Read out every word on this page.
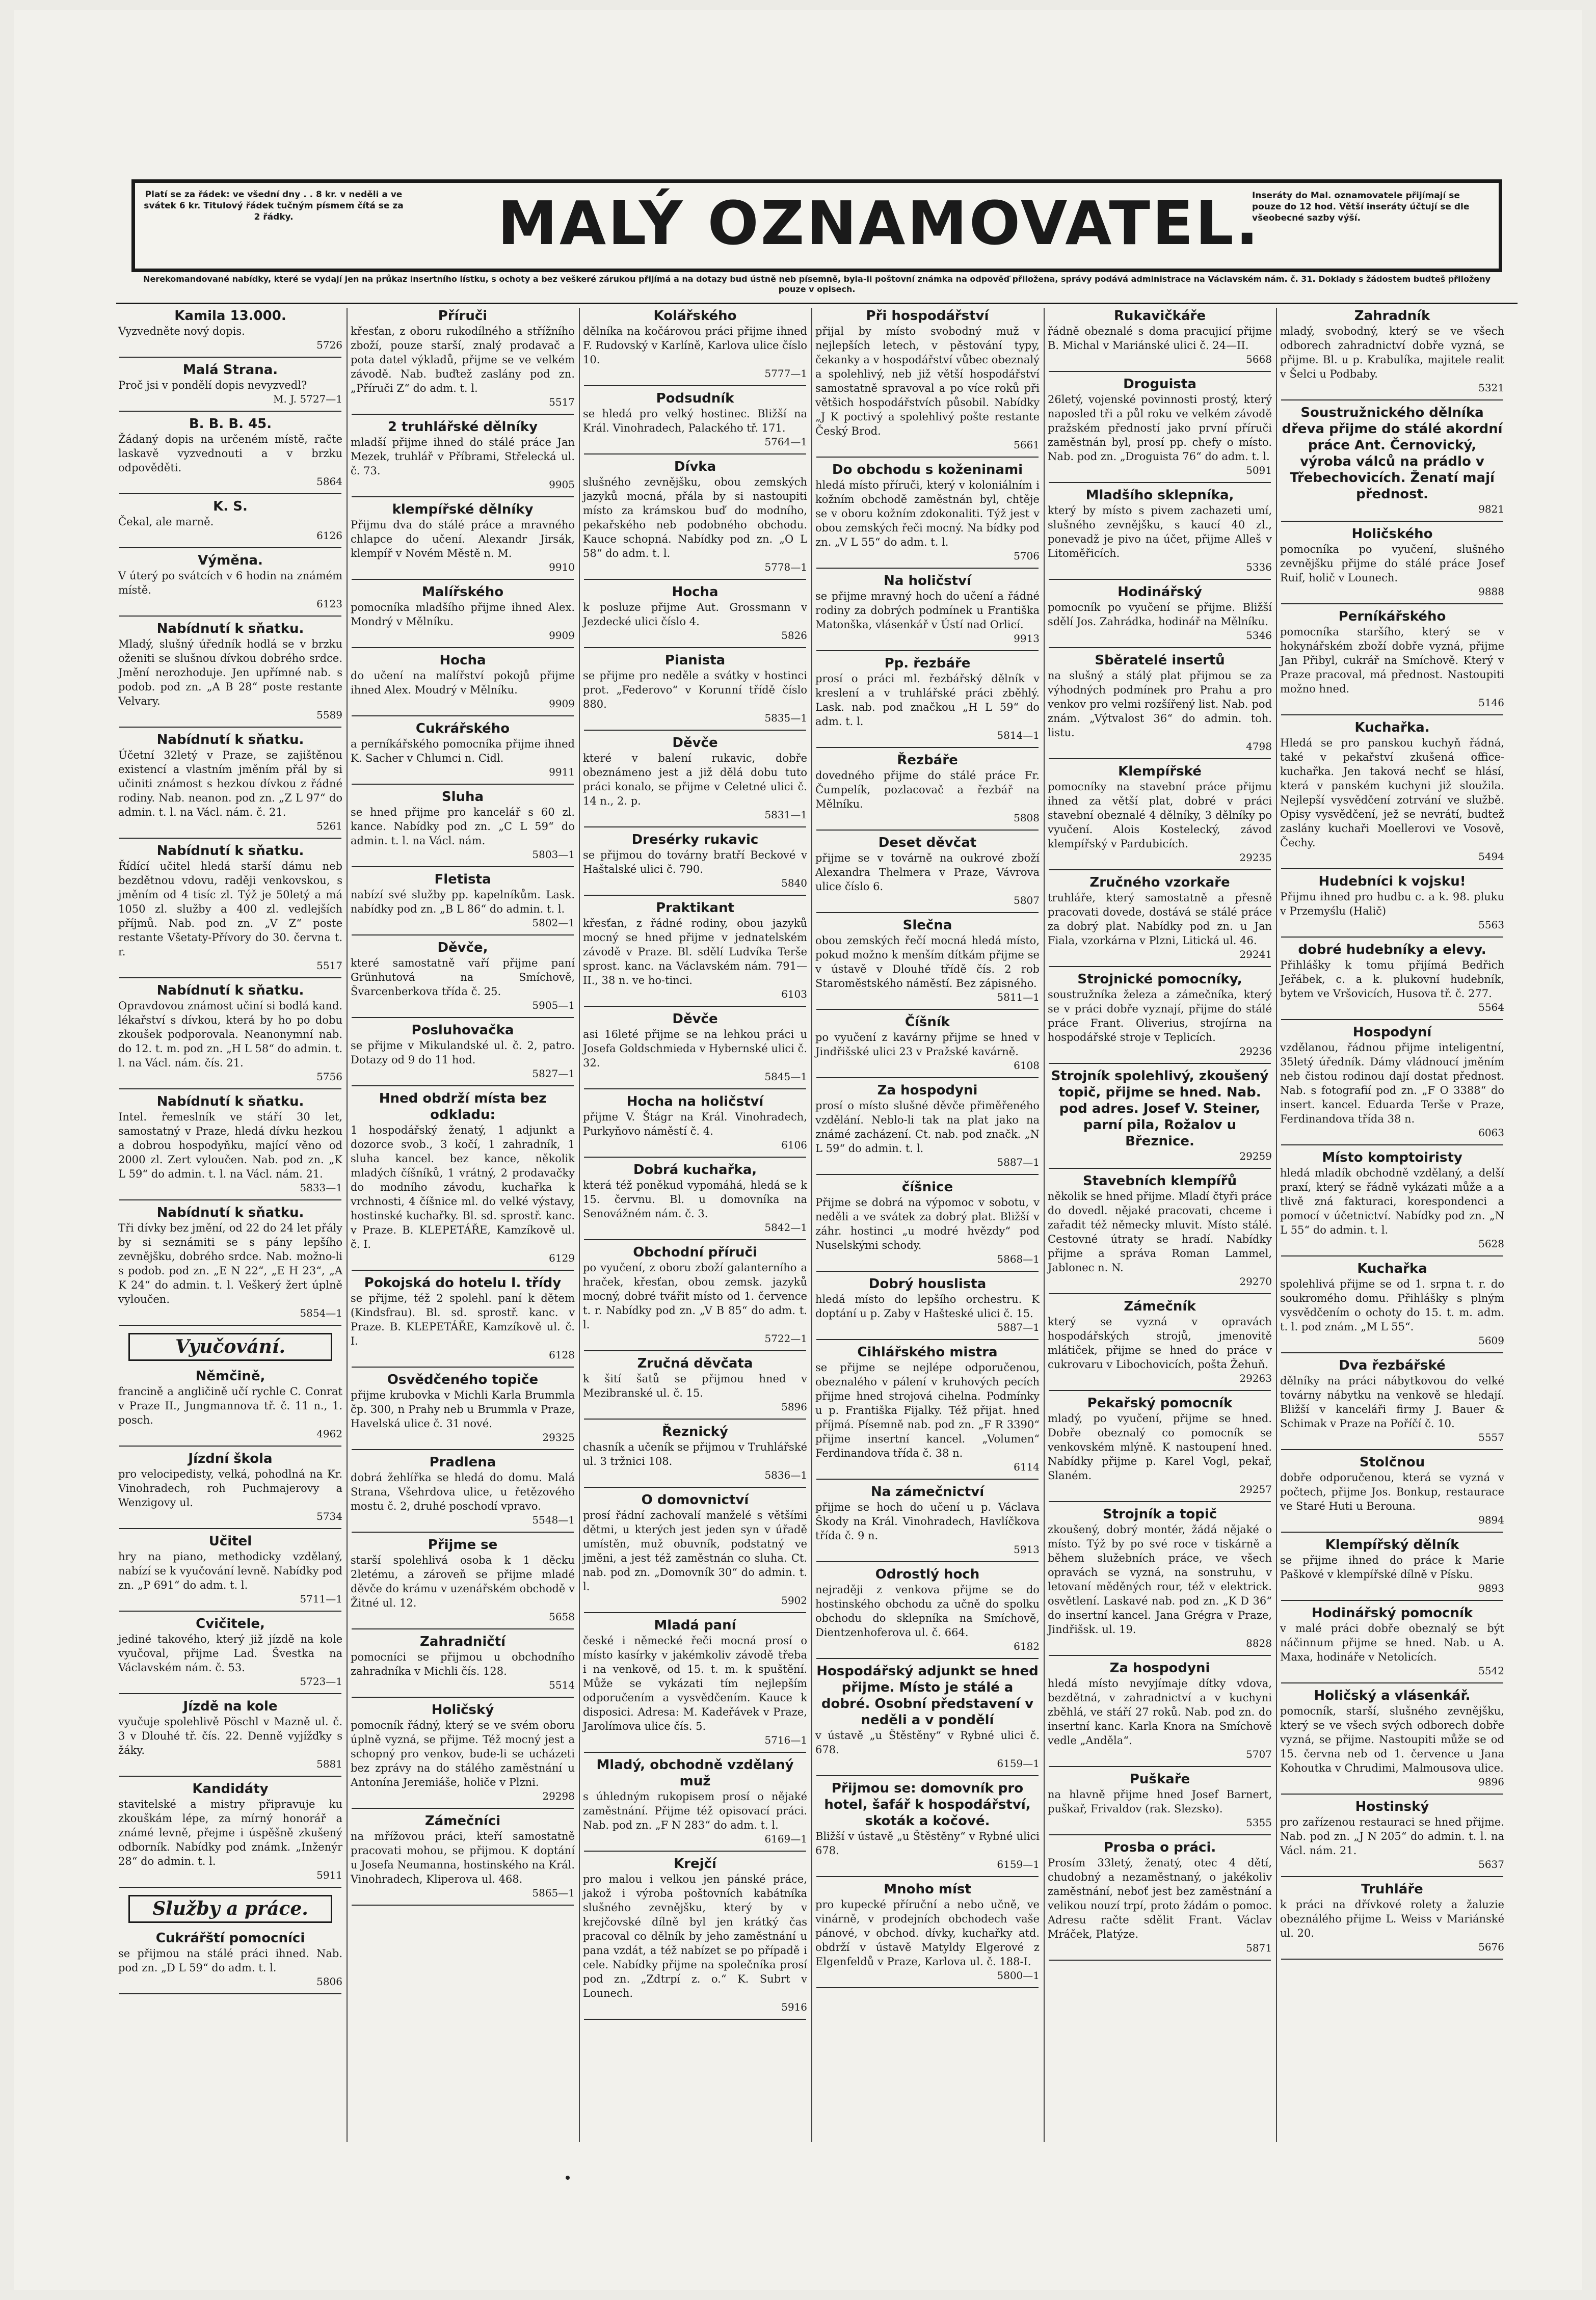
Platí se za řádek: ve všední dny . . 8 kr. v neděli a ve svátek 6 kr. Titulový řádek tučným písmem čítá se za 2 řádky.	MALÝ OZNAMOVATEL.
Inseráty do Mal. oznamovatele přijímají se pouze do 12 hod. Větší inseráty účtují se dle všeobecné sazby výší.
Nerekomandované nabídky, které se vydají jen na průkaz insertního lístku, s ochoty a bez veškeré zárukou přijímá a na dotazy bud ústně neb písemně, byla-li poštovní známka na odpověď přiložena, správy podává administrace na Václavském nám. č. 31. Doklady s žádostem budteš přiloženy pouze v opisech.
Kamila 13.000.
Vyzvedněte nový dopis.
5726
Malá Strana.
Proč jsi v pondělí dopis nevyzvedl?
M. J. 5727—1
B. B. B. 45.
Žádaný dopis na určeném místě, račte laskavě vyzvednouti a v brzku odpověděti.
5864
K. S.
Čekal, ale marně.
6126
Výměna.
V úterý po svátcích v 6 hodin na známém místě.
6123
Nabídnutí k sňatku.
Mladý, slušný úředník hodlá se v brzku oženiti se slušnou dívkou dobrého srdce. Jmění nerozhoduje. Jen upřímné nab. s podob. pod zn. „A B 28“ poste restante Velvary.
5589
Nabídnutí k sňatku.
Účetní 32letý v Praze, se zajištěnou existencí a vlastním jměním přál by si učiniti známost s hezkou dívkou z řádné rodiny. Nab. neanon. pod zn. „Z L 97“ do admin. t. l. na Václ. nám. č. 21.
5261
Nabídnutí k sňatku.
Řídící učitel hledá starší dámu neb bezdětnou vdovu, raději venkovskou, s jměním od 4 tisíc zl. Týž je 50letý a má 1050 zl. služby a 400 zl. vedlejších příjmů. Nab. pod zn. „V Z“ poste restante Všetaty-Přívory do 30. června t. r.
5517
Nabídnutí k sňatku.
Opravdovou známost učiní si bodlá kand. lékařství s dívkou, která by ho po dobu zkoušek podporovala. Neanonymní nab. do 12. t. m. pod zn. „H L 58“ do admin. t. l. na Václ. nám. čís. 21.
5756
Nabídnutí k sňatku.
Intel. řemeslník ve stáří 30 let, samostatný v Praze, hledá dívku hezkou a dobrou hospodyňku, mající věno od 2000 zl. Zert vyloučen. Nab. pod zn. „K L 59“ do admin. t. l. na Václ. nám. 21.
5833—1
Nabídnutí k sňatku.
Tři dívky bez jmění, od 22 do 24 let přály by si seznámiti se s pány lepšího zevnějšku, dobrého srdce. Nab. možno-li s podob. pod zn. „E N 22“, „E H 23“, „A K 24“ do admin. t. l. Veškerý žert úplně vyloučen.
5854—1
Vyučování.
Němčině,
francině a angličině učí rychle C. Conrat v Praze II., Jungmannova tř. č. 11 n., 1. posch.
4962
Jízdní škola
pro velocipedisty, velká, pohodlná na Kr. Vinohradech, roh Puchmajerovy a Wenzigovy ul.
5734
Učitel
hry na piano, methodicky vzdělaný, nabízí se k vyučování levně. Nabídky pod zn. „P 691“ do adm. t. l.
5711—1
Cvičitele,
jediné takového, který již jízdě na kole vyučoval, přijme Lad. Švestka na Václavském nám. č. 53.
5723—1
Jízdě na kole
vyučuje spolehlivě Pöschl v Mazně ul. č. 3 v Dlouhé tř. čís. 22. Denně vyjížďky s žáky.
5881
Kandidáty
stavitelské a mistry připravuje ku zkouškám lépe, za mírný honorář a známé levně, přejme i úspěšně zkušený odborník. Nabídky pod známk. „Inženýr 28“ do admin. t. l.
5911
Služby a práce.
Cukrářští pomocníci
se přijmou na stálé práci ihned. Nab. pod zn. „D L 59“ do adm. t. l.
5806
Příruči
křesťan, z oboru rukodílného a střížního zboží, pouze starší, znalý prodavač a pota datel výkladů, přijme se ve velkém závodě. Nab. buďtež zaslány pod zn. „Příruči Z“ do adm. t. l.
5517
2 truhlářské dělníky
mladší přijme ihned do stálé práce Jan Mezek, truhlář v Příbrami, Střelecká ul. č. 73.
9905
klempířské dělníky
Přijmu dva do stálé práce a mravného chlapce do učení. Alexandr Jirsák, klempíř v Novém Městě n. M.
9910
Malířského
pomocníka mladšího přijme ihned Alex. Mondrý v Mělníku.
9909
Hocha
do učení na malířství pokojů přijme ihned Alex. Moudrý v Mělníku.
9909
Cukrářského
a perníkářského pomocníka přijme ihned K. Sacher v Chlumci n. Cidl.
9911
Sluha
se hned přijme pro kancelář s 60 zl. kance. Nabídky pod zn. „C L 59“ do admin. t. l. na Václ. nám.
5803—1
Fletista
nabízí své služby pp. kapelníkům. Lask. nabídky pod zn. „B L 86“ do admin. t. l.
5802—1
Děvče,
které samostatně vaří přijme paní Grünhutová na Smíchově, Švarcenberkova třída č. 25.
5905—1
Posluhovačka
se přijme v Mikulandské ul. č. 2, patro. Dotazy od 9 do 11 hod.
5827—1
Hned obdrží místa bez odkladu:
1 hospodářský ženatý, 1 adjunkt a dozorce svob., 3 kočí, 1 zahradník, 1 sluha kancel. bez kance, několik mladých číšníků, 1 vrátný, 2 prodavačky do modního závodu, kuchařka k vrchnosti, 4 číšnice ml. do velké výstavy, hostinské kuchařky. Bl. sd. sprostř. kanc. v Praze. B. KLEPETÁŘE, Kamzíkově ul. č. I.
6129
Pokojská do hotelu I. třídy
se přijme, též 2 spolehl. paní k dětem (Kindsfrau). Bl. sd. sprostř. kanc. v Praze. B. KLEPETÁŘE, Kamzíkově ul. č. I.
6128
Osvědčeného topiče
přijme krubovka v Michli Karla Brummla čp. 300, n Prahy neb u Brummla v Praze, Havelská ulice č. 31 nové.
29325
Pradlena
dobrá žehlířka se hledá do domu. Malá Strana, Všehrdova ulice, u řetězového mostu č. 2, druhé poschodí vpravo.
5548—1
Přijme se
starší spolehlivá osoba k 1 děcku 2letému, a zároveň se přijme mladé děvče do krámu v uzenářském obchodě v Žitné ul. 12.
5658
Zahradničtí
pomocníci se přijmou u obchodního zahradníka v Michli čís. 128.
5514
Holičský
pomocník řádný, který se ve svém oboru úplně vyzná, se přijme. Též mocný jest a schopný pro venkov, bude-li se ucházeti bez zprávy na do stálého zaměstnání u Antonína Jeremiáše, holiče v Plzni.
29298
Zámečníci
na mřížovou práci, kteří samostatně pracovati mohou, se přijmou. K doptání u Josefa Neumanna, hostinského na Král. Vinohradech, Kliperova ul. 468.
5865—1
Kolářského
dělníka na kočárovou práci přijme ihned F. Rudovský v Karlíně, Karlova ulice číslo 10.
5777—1
Podsudník
se hledá pro velký hostinec. Bližší na Král. Vinohradech, Palackého tř. 171.
5764—1
Dívka
slušného zevnějšku, obou zemských jazyků mocná, přála by si nastoupiti místo za krámskou buď do modního, pekařského neb podobného obchodu. Kauce schopná. Nabídky pod zn. „O L 58“ do adm. t. l.
5778—1
Hocha
k posluze přijme Aut. Grossmann v Jezdecké ulici číslo 4.
5826
Pianista
se přijme pro neděle a svátky v hostinci prot. „Federovo“ v Korunní třídě číslo 880.
5835—1
Děvče
které v balení rukavic, dobře obeznámeno jest a již dělá dobu tuto práci konalo, se přijme v Celetné ulici č. 14 n., 2. p.
5831—1
Dresérky rukavic
se přijmou do továrny bratří Beckové v Haštalské ulici č. 790.
5840
Praktikant
křesťan, z řádné rodiny, obou jazyků mocný se hned přijme v jednatelském závodě v Praze. Bl. sdělí Ludvíka Terše sprost. kanc. na Václavském nám. 791—II., 38 n. ve ho-tinci.
6103
Děvče
asi 16leté přijme se na lehkou práci u Josefa Goldschmieda v Hybernské ulici č. 32.
5845—1
Hocha na holičství
přijme V. Štágr na Král. Vinohradech, Purkyňovo náměstí č. 4.
6106
Dobrá kuchařka,
která též poněkud vypomáhá, hledá se k 15. červnu. Bl. u domovníka na Senovážném nám. č. 3.
5842—1
Obchodní příruči
po vyučení, z oboru zboží galanterního a hraček, křesťan, obou zemsk. jazyků mocný, dobré tvářit místo od 1. července t. r. Nabídky pod zn. „V B 85“ do adm. t. l.
5722—1
Zručná děvčata
k šití šatů se přijmou hned v Mezibranské ul. č. 15.
5896
Řeznický
chasník a učeník se přijmou v Truhlářské ul. 3 tržnici 108.
5836—1
O domovnictví
prosí řádní zachovalí manželé s většími dětmi, u kterých jest jeden syn v úřadě umístěn, muž obuvník, podstatný ve jměni, a jest též zaměstnán co sluha. Ct. nab. pod zn. „Domovník 30“ do admin. t. l.
5902
Mladá paní
české i německé řeči mocná prosí o místo kasírky v jakémkoliv závodě třeba i na venkově, od 15. t. m. k spuštění. Může se vykázati tím nejlepším odporučením a vysvědčením. Kauce k disposici. Adresa: M. Kadeřávek v Praze, Jarolímova ulice čís. 5.
5716—1
Mladý, obchodně vzdělaný muž
s úhledným rukopisem prosí o nějaké zaměstnání. Přijme též opisovací práci. Nab. pod zn. „F N 283“ do adm. t. l.
6169—1
Krejčí
pro malou i velkou jen pánské práce, jakož i výroba poštovních kabátníka slušného zevnějšku, který by v krejčovské dílně byl jen krátký čas pracoval co dělník by jeho zaměstnání u pana vzdát, a též nabízet se po případě i cele. Nabídky přijme na společníka prosí pod zn. „Zdtrpí z. o.“ K. Subrt v Lounech.
5916
Při hospodářství
přijal by místo svobodný muž v nejlepších letech, v pěstování typy, čekanky a v hospodářství vůbec obeznalý a spolehlivý, neb již větší hospodářství samostatně spravoval a po více roků při většich hospodářstvích působil. Nabídky „J K poctivý a spolehlivý pošte restante Český Brod.
5661
Do obchodu s koženinami
hledá místo příruči, který v koloniálním i kožním obchodě zaměstnán byl, chtěje se v oboru kožním zdokonaliti. Týž jest v obou zemských řeči mocný. Na bídky pod zn. „V L 55“ do adm. t. l.
5706
Na holičství
se přijme mravný hoch do učení a řádné rodiny za dobrých podmínek u Františka Matonška, vlásenkář v Ústí nad Orlicí.
9913
Pp. řezbáře
prosí o práci ml. řezbářský dělník v kreslení a v truhlářské práci zběhlý. Lask. nab. pod značkou „H L 59“ do adm. t. l.
5814—1
Řezbáře
dovedného přijme do stálé práce Fr. Čumpelík, pozlacovač a řezbář na Mělníku.
5808
Deset děvčat
přijme se v továrně na oukrové zboží Alexandra Thelmera v Praze, Vávrova ulice číslo 6.
5807
Slečna
obou zemských řečí mocná hledá místo, pokud možno k menším dítkám přijme se v ústavě v Dlouhé třídě čís. 2 rob Staroměstského náměstí. Bez zápisného.
5811—1
Číšník
po vyučení z kavárny přijme se hned v Jindřišské ulici 23 v Pražské kavárně.
6108
Za hospodyni
prosí o místo slušné děvče přiměřeného vzdělání. Neblo-li tak na plat jako na známé zacházení. Ct. nab. pod značk. „N L 59“ do admin. t. l.
5887—1
číšnice
Přijme se dobrá na výpomoc v sobotu, v neděli a ve svátek za dobrý plat. Bližší v záhr. hostinci „u modré hvězdy“ pod Nuselskými schody.
5868—1
Dobrý houslista
hledá místo do lepšího orchestru. K doptání u p. Zaby v Hašteské ulici č. 15.
5887—1
Cihlářského mistra
se přijme se nejlépe odporučenou, obeznalého v pálení v kruhových pecích přijme hned strojová cihelna. Podmínky u p. Františka Fijalky. Též přijat. hned příjmá. Písemně nab. pod zn. „F R 3390“ přijme insertní kancel. „Volumen“ Ferdinandova třída č. 38 n.
6114
Na zámečnictví
přijme se hoch do učení u p. Václava Škody na Král. Vinohradech, Havlíčkova třída č. 9 n.
5913
Odrostlý hoch
nejraději z venkova přijme se do hostinského obchodu za učně do spolku obchodu do sklepníka na Smíchově, Dientzenhoferova ul. č. 664.
6182
Hospodářský adjunkt se hned přijme. Místo je stálé a dobré. Osobní představení v neděli a v pondělí
v ústavě „u Štěstěny“ v Rybné ulici č. 678.
6159—1
Přijmou se: domovník pro hotel, šafář k hospodářství, skoták a kočové.
Bližší v ústavě „u Štěstěny“ v Rybné ulici 678.
6159—1
Mnoho míst
pro kupecké příruční a nebo učně, ve vinárně, v prodejních obchodech vaše pánové, v obchod. dívky, kuchařky atd. obdrží v ústavě Matyldy Elgerové z Elgenfeldů v Praze, Karlova ul. č. 188-I.
5800—1
Rukavičkáře
řádně obeznalé s doma pracujicí přijme B. Michal v Mariánské ulici č. 24—II.
5668
Droguista
26letý, vojenské povinnosti prostý, který naposled tři a půl roku ve velkém závodě pražském předností jako první příruči zaměstnán byl, prosí pp. chefy o místo. Nab. pod zn. „Droguista 76“ do adm. t. l.
5091
Mladšího sklepníka,
který by místo s pivem zachazeti umí, slušného zevnějšku, s kaucí 40 zl., ponevadž je pivo na účet, přijme Alleš v Litoměřicích.
5336
Hodinářský
pomocník po vyučení se přijme. Bližší sdělí Jos. Zahrádka, hodinář na Mělníku.
5346
Sběratelé insertů
na slušný a stálý plat přijmou se za výhodných podmínek pro Prahu a pro venkov pro velmi rozšířený list. Nab. pod znám. „Výtvalost 36“ do admin. toh. listu.
4798
Klempířské
pomocníky na stavební práce přijmu ihned za větší plat, dobré v práci stavební obeznalé 4 dělníky, 3 dělníky po vyučení. Alois Kostelecký, závod klempířský v Pardubicích.
29235
Zručného vzorkaře
truhláře, který samostatně a přesně pracovati dovede, dostává se stálé práce za dobrý plat. Nabídky pod zn. u Jan Fiala, vzorkárna v Plzni, Litická ul. 46.
29241
Strojnické pomocníky,
soustružníka železa a zámečníka, který se v práci dobře vyznají, přijme do stálé práce Frant. Oliverius, strojírna na hospodářské stroje v Teplicích.
29236
Strojník spolehlivý, zkoušený topič, přijme se hned. Nab. pod adres. Josef V. Steiner, parní pila, Rožalov u Březnice.
29259
Stavebních klempířů
několik se hned přijme. Mladí čtyři práce do dovedl. nějaké pracovati, chceme i zařadit též německy mluvit. Místo stálé. Cestovné útraty se hradí. Nabídky přijme a správa Roman Lammel, Jablonec n. N.
29270
Zámečník
který se vyzná v opravách hospodářských strojů, jmenovitě mlátiček, přijme se hned do práce v cukrovaru v Libochovicích, pošta Žehuň.
29263
Pekařský pomocník
mladý, po vyučení, přijme se hned. Dobře obeznalý co pomocník se venkovském mlýně. K nastoupení hned. Nabídky přijme p. Karel Vogl, pekař, Slaném.
29257
Strojník a topič
zkoušený, dobrý montér, žádá nějaké o místo. Týž by po své roce v tiskárně a během služebních práce, ve všech opravách se vyzná, na sonstruhu, v letovaní měděných rour, též v elektrick. osvětlení. Laskavé nab. pod zn. „K D 36“ do insertní kancel. Jana Grégra v Praze, Jindřišsk. ul. 19.
8828
Za hospodyni
hledá místo nevyjímaje dítky vdova, bezdětná, v zahradnictví a v kuchyni zběhlá, ve stáří 27 roků. Nab. pod zn. do insertní kanc. Karla Knora na Smíchově vedle „Anděla“.
5707
Puškaře
na hlavně přijme hned Josef Barnert, puškař, Frivaldov (rak. Slezsko).
5355
Prosba o práci.
Prosím 33letý, ženatý, otec 4 dětí, chudobný a nezaměstnaný, o jakékoliv zaměstnání, neboť jest bez zaměstnání a velikou nouzí trpí, proto žádám o pomoc. Adresu račte sdělit Frant. Václav Mráček, Platýze.
5871
Zahradník
mladý, svobodný, který se ve všech odborech zahradnictví dobře vyzná, se přijme. Bl. u p. Krabulíka, majitele realit v Šelci u Podbaby.
5321
Soustružnického dělníka dřeva přijme do stálé akordní práce Ant. Černovický, výroba válců na prádlo v Třebechovicích. Ženatí mají přednost.
9821
Holičského
pomocníka po vyučení, slušného zevnějšku přijme do stálé práce Josef Ruif, holič v Lounech.
9888
Perníkářského
pomocníka staršího, který se v hokynářském zboží dobře vyzná, přijme Jan Přibyl, cukrář na Smíchově. Který v Praze pracoval, má přednost. Nastoupiti možno hned.
5146
Kuchařka.
Hledá se pro panskou kuchyň řádná, také v pekařství zkušená office-kuchařka. Jen taková nechť se hlásí, která v panském kuchyni již sloužila. Nejlepší vysvědčení zotrvání ve službě. Opisy vysvědčení, jež se nevrátí, budtež zaslány kuchaři Moellerovi ve Vosově, Čechy.
5494
Hudebníci k vojsku!
Přijmu ihned pro hudbu c. a k. 98. pluku v Przemyślu (Halič)
5563
dobré hudebníky a elevy.
Přihlášky k tomu přijímá Bedřich Jeřábek, c. a k. plukovní hudebník, bytem ve Vršovicích, Husova tř. č. 277.
5564
Hospodyní
vzdělanou, řádnou přijme inteligentní, 35letý úředník. Dámy vládnoucí jměním neb čistou rodinou dají dostat přednost. Nab. s fotografií pod zn. „F O 3388“ do insert. kancel. Eduarda Terše v Praze, Ferdinandova třída 38 n.
6063
Místo komptoiristy
hledá mladík obchodně vzdělaný, a delší praxí, který se řádně vykázati může a a tlivě zná fakturaci, korespondenci a pomocí v účetnictví. Nabídky pod zn. „N L 55“ do admin. t. l.
5628
Kuchařka
spolehlivá přijme se od 1. srpna t. r. do soukromého domu. Přihlášky s plným vysvědčením o ochoty do 15. t. m. adm. t. l. pod znám. „M L 55“.
5609
Dva řezbářské
dělníky na práci nábytkovou do velké továrny nábytku na venkově se hledají. Bližší v kanceláři firmy J. Bauer & Schimak v Praze na Poříčí č. 10.
5557
Stolčnou
dobře odporučenou, která se vyzná v počtech, přijme Jos. Bonkup, restaurace ve Staré Huti u Berouna.
9894
Klempířský dělník
se přijme ihned do práce k Marie Paškové v klempířské dílně v Písku.
9893
Hodinářský pomocník
v malé práci dobře obeznalý se být náčinnum přijme se hned. Nab. u A. Maxa, hodináře v Netolicích.
5542
Holičský a vlásenkář.
pomocník, starší, slušného zevnějšku, který se ve všech svých odborech dobře vyzná, se přijme. Nastoupiti může se od 15. června neb od 1. července u Jana Kohoutka v Chrudimi, Malmousova ulice.
9896
Hostinský
pro zařízenou restauraci se hned přijme. Nab. pod zn. „J N 205“ do admin. t. l. na Václ. nám. 21.
5637
Truhláře
k práci na dřívkové rolety a žaluzie obeználého přijme L. Weiss v Mariánské ul. 20.
5676
